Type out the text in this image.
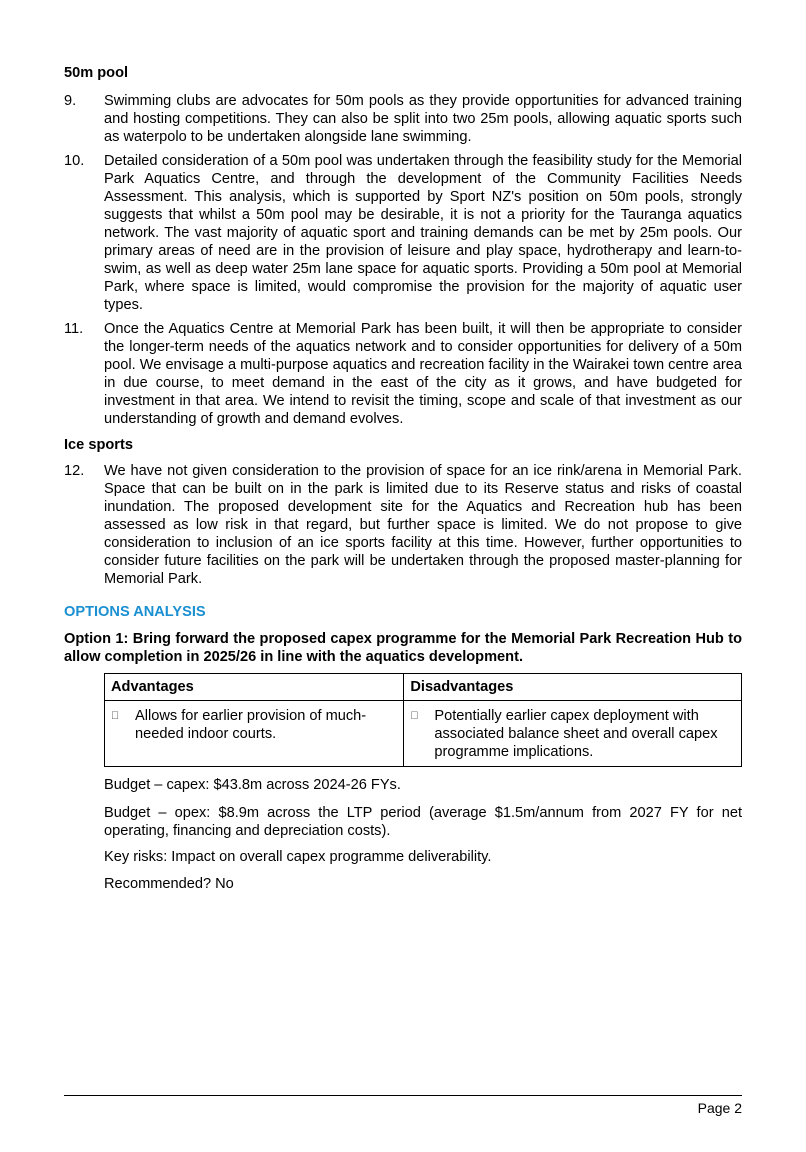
50m pool
9.	Swimming clubs are advocates for 50m pools as they provide opportunities for advanced training and hosting competitions. They can also be split into two 25m pools, allowing aquatic sports such as waterpolo to be undertaken alongside lane swimming.
10.	Detailed consideration of a 50m pool was undertaken through the feasibility study for the Memorial Park Aquatics Centre, and through the development of the Community Facilities Needs Assessment. This analysis, which is supported by Sport NZ's position on 50m pools, strongly suggests that whilst a 50m pool may be desirable, it is not a priority for the Tauranga aquatics network. The vast majority of aquatic sport and training demands can be met by 25m pools. Our primary areas of need are in the provision of leisure and play space, hydrotherapy and learn-to-swim, as well as deep water 25m lane space for aquatic sports. Providing a 50m pool at Memorial Park, where space is limited, would compromise the provision for the majority of aquatic user types.
11.	Once the Aquatics Centre at Memorial Park has been built, it will then be appropriate to consider the longer-term needs of the aquatics network and to consider opportunities for delivery of a 50m pool. We envisage a multi-purpose aquatics and recreation facility in the Wairakei town centre area in due course, to meet demand in the east of the city as it grows, and have budgeted for investment in that area. We intend to revisit the timing, scope and scale of that investment as our understanding of growth and demand evolves.
Ice sports
12.	We have not given consideration to the provision of space for an ice rink/arena in Memorial Park. Space that can be built on in the park is limited due to its Reserve status and risks of coastal inundation. The proposed development site for the Aquatics and Recreation hub has been assessed as low risk in that regard, but further space is limited. We do not propose to give consideration to inclusion of an ice sports facility at this time. However, further opportunities to consider future facilities on the park will be undertaken through the proposed master-planning for Memorial Park.
OPTIONS ANALYSIS
Option 1: Bring forward the proposed capex programme for the Memorial Park Recreation Hub to allow completion in 2025/26 in line with the aquatics development.
Advantages	Disadvantages

Allows for earlier provision of much-needed indoor courts.	Potentially earlier capex deployment with associated balance sheet and overall capex programme implications.
Budget – capex: $43.8m across 2024-26 FYs.
Budget – opex: $8.9m across the LTP period (average $1.5m/annum from 2027 FY for net operating, financing and depreciation costs).
Key risks: Impact on overall capex programme deliverability.
Recommended? No
Page 2
